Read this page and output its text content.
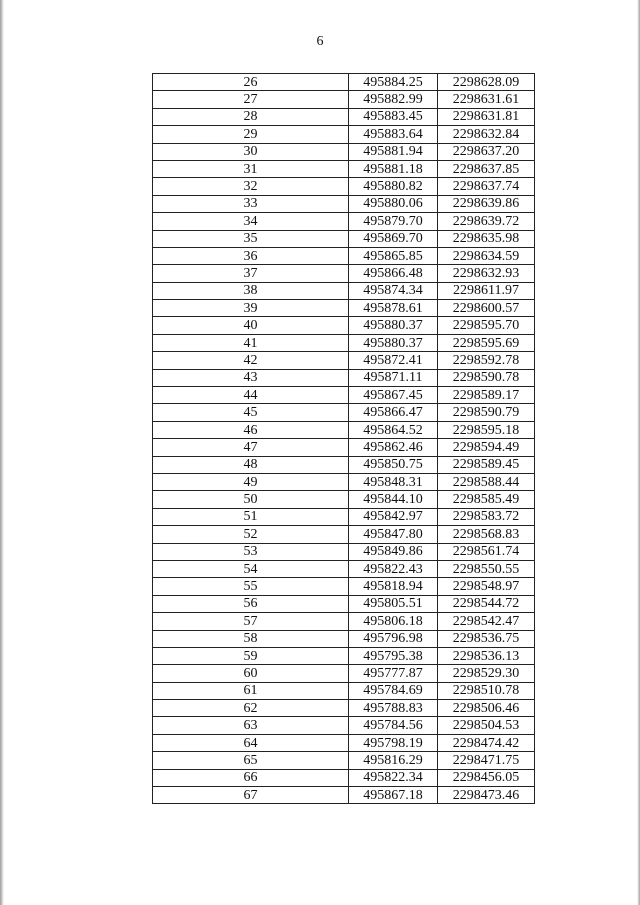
6
26	495884.25	2298628.09
27	495882.99	2298631.61
28	495883.45	2298631.81
29	495883.64	2298632.84
30	495881.94	2298637.20
31	495881.18	2298637.85
32	495880.82	2298637.74
33	495880.06	2298639.86
34	495879.70	2298639.72
35	495869.70	2298635.98
36	495865.85	2298634.59
37	495866.48	2298632.93
38	495874.34	2298611.97
39	495878.61	2298600.57
40	495880.37	2298595.70
41	495880.37	2298595.69
42	495872.41	2298592.78
43	495871.11	2298590.78
44	495867.45	2298589.17
45	495866.47	2298590.79
46	495864.52	2298595.18
47	495862.46	2298594.49
48	495850.75	2298589.45
49	495848.31	2298588.44
50	495844.10	2298585.49
51	495842.97	2298583.72
52	495847.80	2298568.83
53	495849.86	2298561.74
54	495822.43	2298550.55
55	495818.94	2298548.97
56	495805.51	2298544.72
57	495806.18	2298542.47
58	495796.98	2298536.75
59	495795.38	2298536.13
60	495777.87	2298529.30
61	495784.69	2298510.78
62	495788.83	2298506.46
63	495784.56	2298504.53
64	495798.19	2298474.42
65	495816.29	2298471.75
66	495822.34	2298456.05
67	495867.18	2298473.46
